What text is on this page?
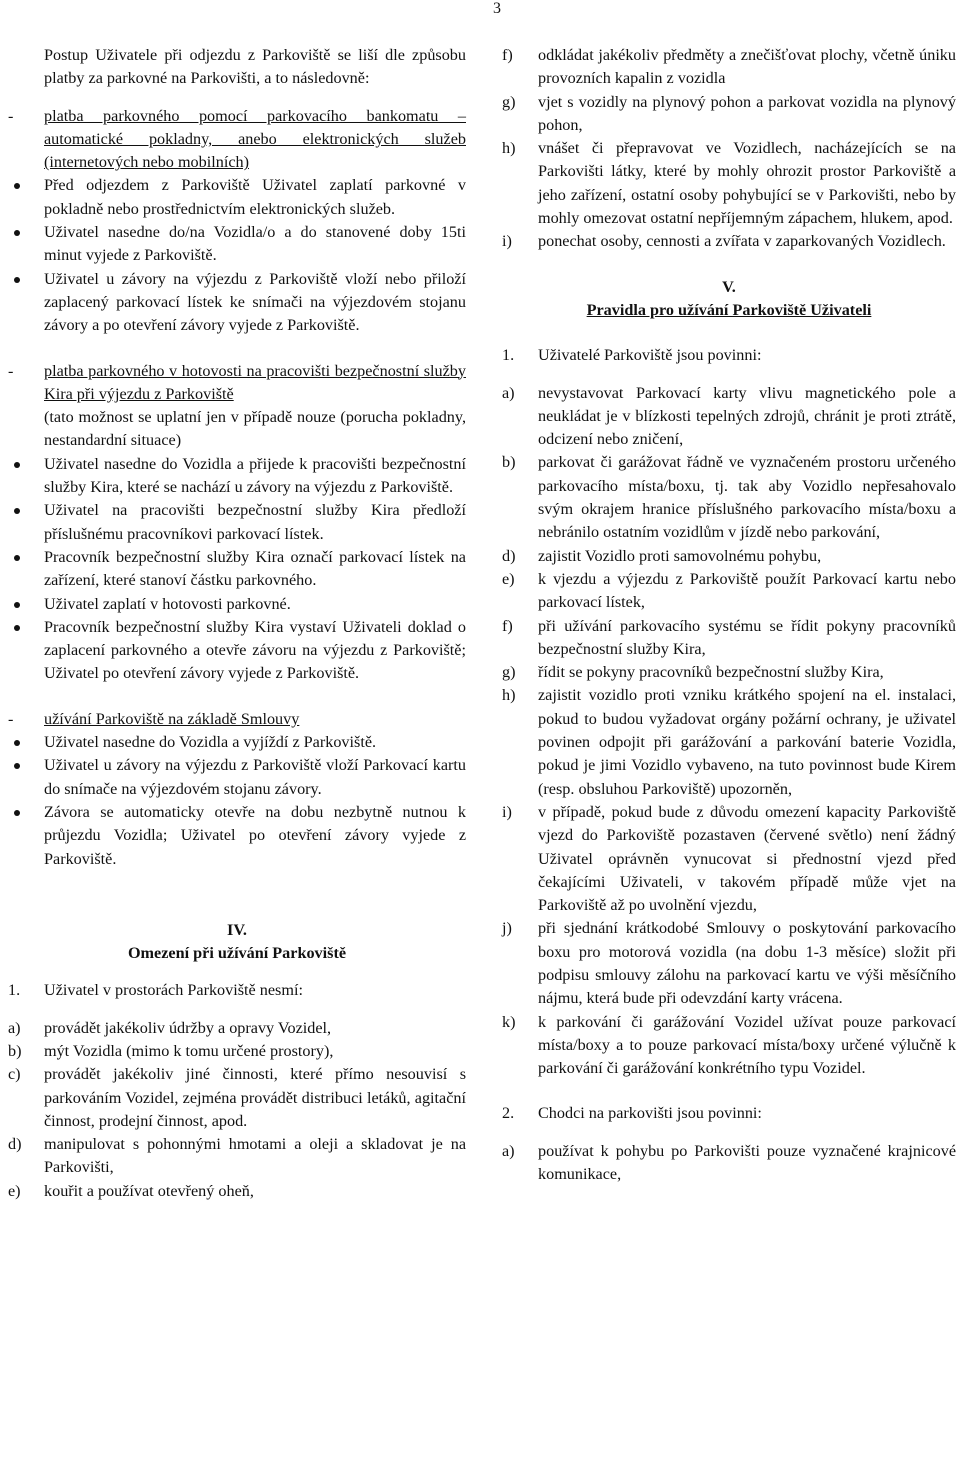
3

Postup Uživatele při odjezdu z Parkoviště se liší dle způsobu platby za parkovné na Parkovišti, a to následovně:

- platba parkovného pomocí parkovacího bankomatu – automatické pokladny, anebo elektronických služeb (internetových nebo mobilních)

Před odjezdem z Parkoviště Uživatel zaplatí parkovné v pokladně nebo prostřednictvím elektronických služeb.
Uživatel nasedne do/na Vozidla/o a do stanovené doby 15ti minut vyjede z Parkoviště.
Uživatel u závory na výjezdu z Parkoviště vloží nebo přiloží zaplacený parkovací lístek ke snímači na výjezdovém stojanu závory a po otevření závory vyjede z Parkoviště.
- platba parkovného v hotovosti na pracovišti bezpečnostní služby Kira při výjezdu z Parkoviště

(tato možnost se uplatní jen v případě nouze (porucha pokladny, nestandardní situace)

Uživatel nasedne do Vozidla a přijede k pracovišti bezpečnostní služby Kira, které se nachází u závory na výjezdu z Parkoviště.
Uživatel na pracovišti bezpečnostní služby Kira předloží příslušnému pracovníkovi parkovací lístek.
Pracovník bezpečnostní služby Kira označí parkovací lístek na zařízení, které stanoví částku parkovného.
Uživatel zaplatí v hotovosti parkovné.
Pracovník bezpečnostní služby Kira vystaví Uživateli doklad o zaplacení parkovného a otevře závoru na výjezdu z Parkoviště; Uživatel po otevření závory vyjede z Parkoviště.
- užívání Parkoviště na základě Smlouvy

Uživatel nasedne do Vozidla a vyjíždí z Parkoviště.
Uživatel u závory na výjezdu z Parkoviště vloží Parkovací kartu do snímače na výjezdovém stojanu závory.
Závora se automaticky otevře na dobu nezbytně nutnou k průjezdu Vozidla; Uživatel po otevření závory vyjede z Parkoviště.

IV.

Omezení při užívání Parkoviště

1. Uživatel v prostorách Parkoviště nesmí:
a) provádět jakékoliv údržby a opravy Vozidel,
b) mýt Vozidla (mimo k tomu určené prostory),
c) provádět jakékoliv jiné činnosti, které přímo nesouvisí s parkováním Vozidel, zejména provádět distribuci letáků, agitační činnost, prodejní činnost, apod.
d) manipulovat s pohonnými hmotami a oleji a skladovat je na Parkovišti,
e) kouřit a používat otevřený oheň,
f) odkládat jakékoliv předměty a znečišťovat plochy, včetně úniku provozních kapalin z vozidla
g) vjet s vozidly na plynový pohon a parkovat vozidla na plynový pohon,
h) vnášet či přepravovat ve Vozidlech, nacházejících se na Parkovišti látky, které by mohly ohrozit prostor Parkoviště a jeho zařízení, ostatní osoby pohybující se v Parkovišti, nebo by mohly omezovat ostatní nepříjemným zápachem, hlukem, apod.
i) ponechat osoby, cennosti a zvířata v zaparkovaných Vozidlech.

V.

Pravidla pro užívání Parkoviště Uživateli

1. Uživatelé Parkoviště jsou povinni:
a) nevystavovat Parkovací karty vlivu magnetického pole a neukládat je v blízkosti tepelných zdrojů, chránit je proti ztrátě, odcizení nebo zničení,
b) parkovat či garážovat řádně ve vyznačeném prostoru určeného parkovacího místa/boxu, tj. tak aby Vozidlo nepřesahovalo svým okrajem hranice příslušného parkovacího místa/boxu a nebránilo ostatním vozidlům v jízdě nebo parkování,
d) zajistit Vozidlo proti samovolnému pohybu,
e) k vjezdu a výjezdu z Parkoviště použít Parkovací kartu nebo parkovací lístek,
f) při užívání parkovacího systému se řídit pokyny pracovníků bezpečnostní služby Kira,
g) řídit se pokyny pracovníků bezpečnostní služby Kira,
h) zajistit vozidlo proti vzniku krátkého spojení na el. instalaci, pokud to budou vyžadovat orgány požární ochrany, je uživatel povinen odpojit při garážování a parkování baterie Vozidla, pokud je jimi Vozidlo vybaveno, na tuto povinnost bude Kirem (resp. obsluhou Parkoviště) upozorněn,
i) v případě, pokud bude z důvodu omezení kapacity Parkoviště vjezd do Parkoviště pozastaven (červené světlo) není žádný Uživatel oprávněn vynucovat si přednostní vjezd před čekajícími Uživateli, v takovém případě může vjet na Parkoviště až po uvolnění vjezdu,
j) při sjednání krátkodobé Smlouvy o poskytování parkovacího boxu pro motorová vozidla (na dobu 1-3 měsíce) složit při podpisu smlouvy zálohu na parkovací kartu ve výši měsíčního nájmu, která bude při odevzdání karty vrácena.
k) k parkování či garážování Vozidel užívat pouze parkovací místa/boxy a to pouze parkovací místa/boxy určené výlučně k parkování či garážování konkrétního typu Vozidel.
2. Chodci na parkovišti jsou povinni:
a) používat k pohybu po Parkovišti pouze vyznačené krajnicové komunikace,
